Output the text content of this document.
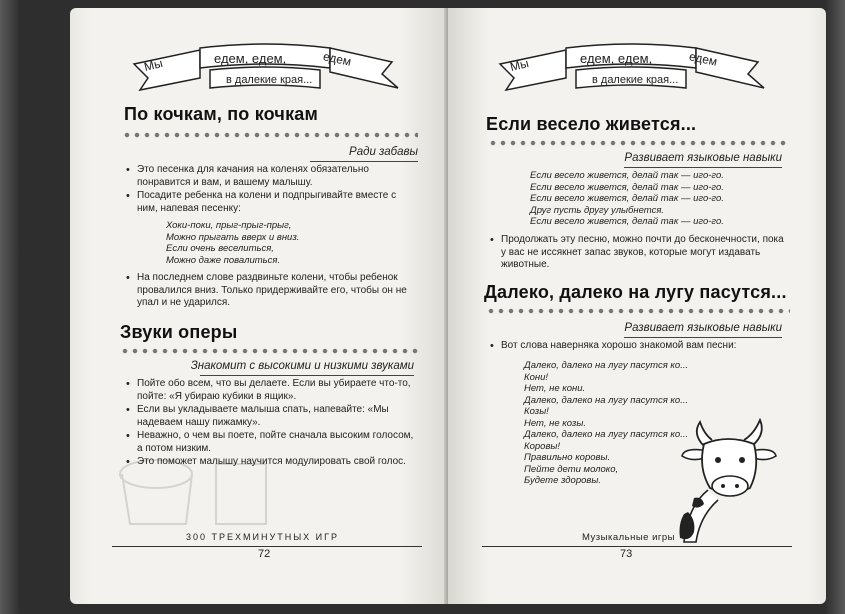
Мы	едем, едем,	едем
в далекие края...
По кочкам, по кочкам
Ради забавы
• Это песенка для качания на коленях обязательно понравится и вам, и вашему малышу.
• Посадите ребенка на колени и подпрыгивайте вместе с ним, напевая песенку:
Хоки-поки, прыг-прыг-прыг,
Можно прыгать вверх и вниз.
Если очень веселиться,
Можно даже повалиться.
• На последнем слове раздвиньте колени, чтобы ребенок провалился вниз. Только придерживайте его, чтобы он не упал и не ударился.
Звуки оперы
Знакомит с высокими и низкими звуками
• Пойте обо всем, что вы делаете. Если вы убираете что-то, пойте: «Я убираю кубики в ящик».
• Если вы укладываете малыша спать, напевайте: «Мы надеваем нашу пижамку».
• Неважно, о чем вы поете, пойте сначала высоким голосом, а потом низким.
• Это поможет малышу научится модулировать свой голос.
300 ТРЕХМИНУТНЫХ ИГР
72
Мы	едем, едем,	едем
в далекие края...
Если весело живется...
Развивает языковые навыки
Если весело живется, делай так — иго-го.
Если весело живется, делай так — иго-го.
Если весело живется, делай так — иго-го.
Друг пусть другу улыбнется.
Если весело живется, делай так — иго-го.
• Продолжать эту песню, можно почти до бесконечности, пока у вас не иссякнет запас звуков, которые могут издавать животные.
Далеко, далеко на лугу пасутся...
Развивает языковые навыки
• Вот слова наверняка хорошо знакомой вам песни:
Далеко, далеко на лугу пасутся ко...
Кони!
Нет, не кони.
Далеко, далеко на лугу пасутся ко...
Козы!
Нет, не козы.
Далеко, далеко на лугу пасутся ко...
Коровы!
Правильно коровы.
Пейте дети молоко,
Будете здоровы.
Музыкальные игры
73
